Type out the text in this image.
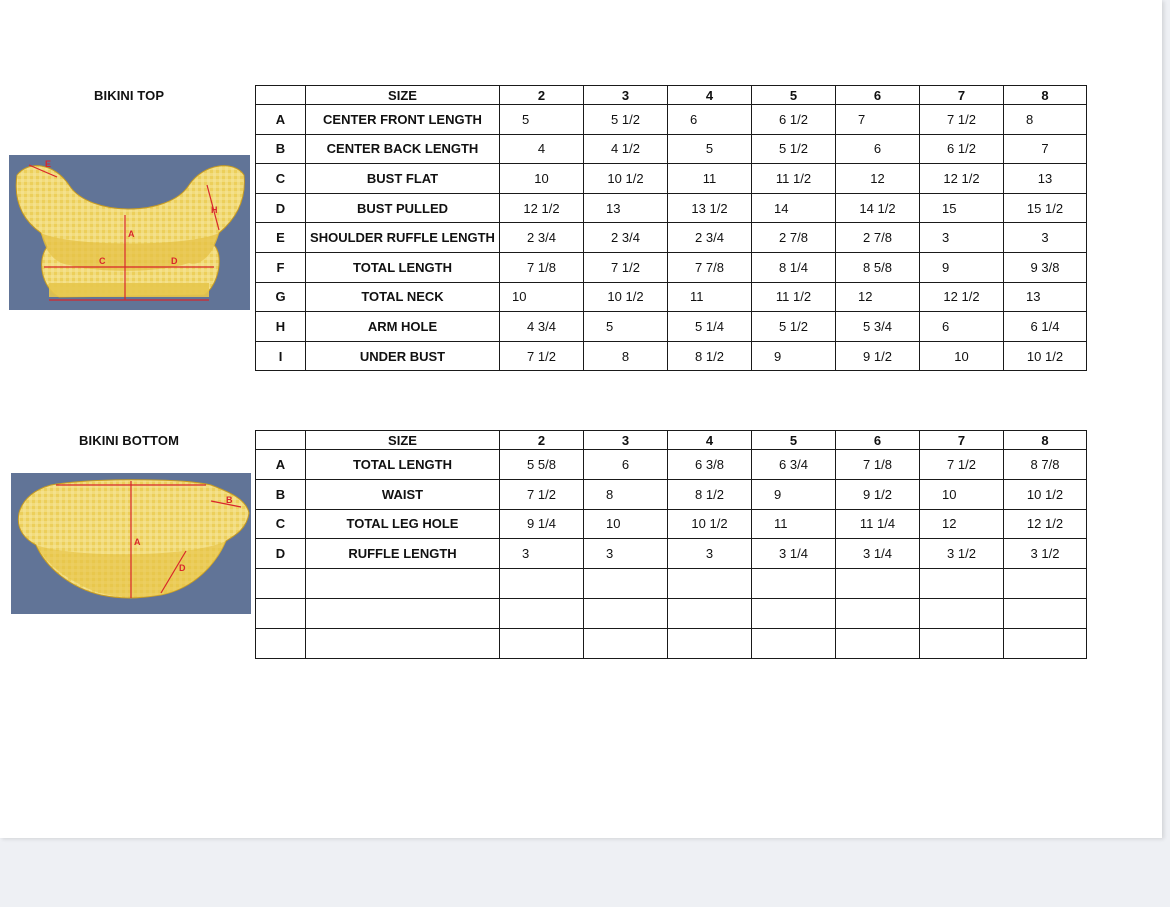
BIKINI TOP
E
A
C	D
H
	SIZE	2	3	4	5	6	7	8
A	CENTER FRONT LENGTH	5	5 1/2	6	6 1/2	7	7 1/2	8
B	CENTER BACK LENGTH	4	4 1/2	5	5 1/2	6	6 1/2	7
C	BUST FLAT	10	10 1/2	11	11 1/2	12	12 1/2	13
D	BUST PULLED	12 1/2	13	13 1/2	14	14 1/2	15	15 1/2
E	SHOULDER RUFFLE LENGTH	2 3/4	2 3/4	2 3/4	2 7/8	2 7/8	3	3
F	TOTAL LENGTH	7 1/8	7 1/2	7 7/8	8 1/4	8 5/8	9	9 3/8
G	TOTAL NECK	10	10 1/2	11	11 1/2	12	12 1/2	13
H	ARM HOLE	4 3/4	5	5 1/4	5 1/2	5 3/4	6	6 1/4
I	UNDER BUST	7 1/2	8	8 1/2	9	9 1/2	10	10 1/2
BIKINI BOTTOM
A
B
D
	SIZE	2	3	4	5	6	7	8
A	TOTAL LENGTH	5 5/8	6	6 3/8	6 3/4	7 1/8	7 1/2	8 7/8
B	WAIST	7 1/2	8	8 1/2	9	9 1/2	10	10 1/2
C	TOTAL LEG HOLE	9 1/4	10	10 1/2	11	11 1/4	12	12 1/2
D	RUFFLE LENGTH	3	3	3	3 1/4	3 1/4	3 1/2	3 1/2
